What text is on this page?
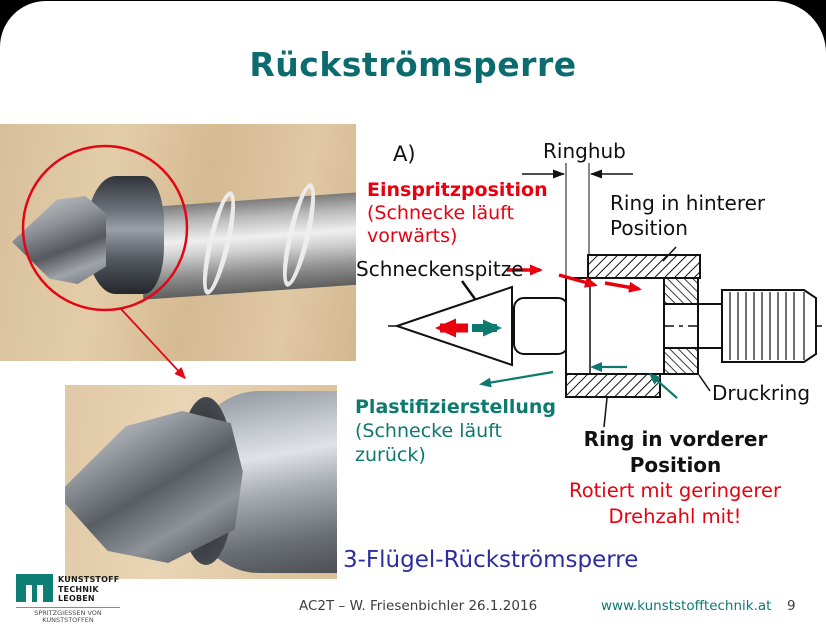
Rückströmsperre
A)	Ringhub
Ring in hinterer
Position
Einspritzposition
(Schnecke läuft
vorwärts)
Schneckenspitze
Druckring
Plastifizierstellung
(Schnecke läuft
zurück)
Ring in vorderer
Position
Rotiert mit geringerer
Drehzahl mit!
3-Flügel-Rückströmsperre
AC2T – W. Friesenbichler 26.1.2016	www.kunststofftechnik.at 9
KUNSTSTOFF
TECHNIK
LEOBEN
SPRITZGIESSEN VON
KUNSTSTOFFEN
